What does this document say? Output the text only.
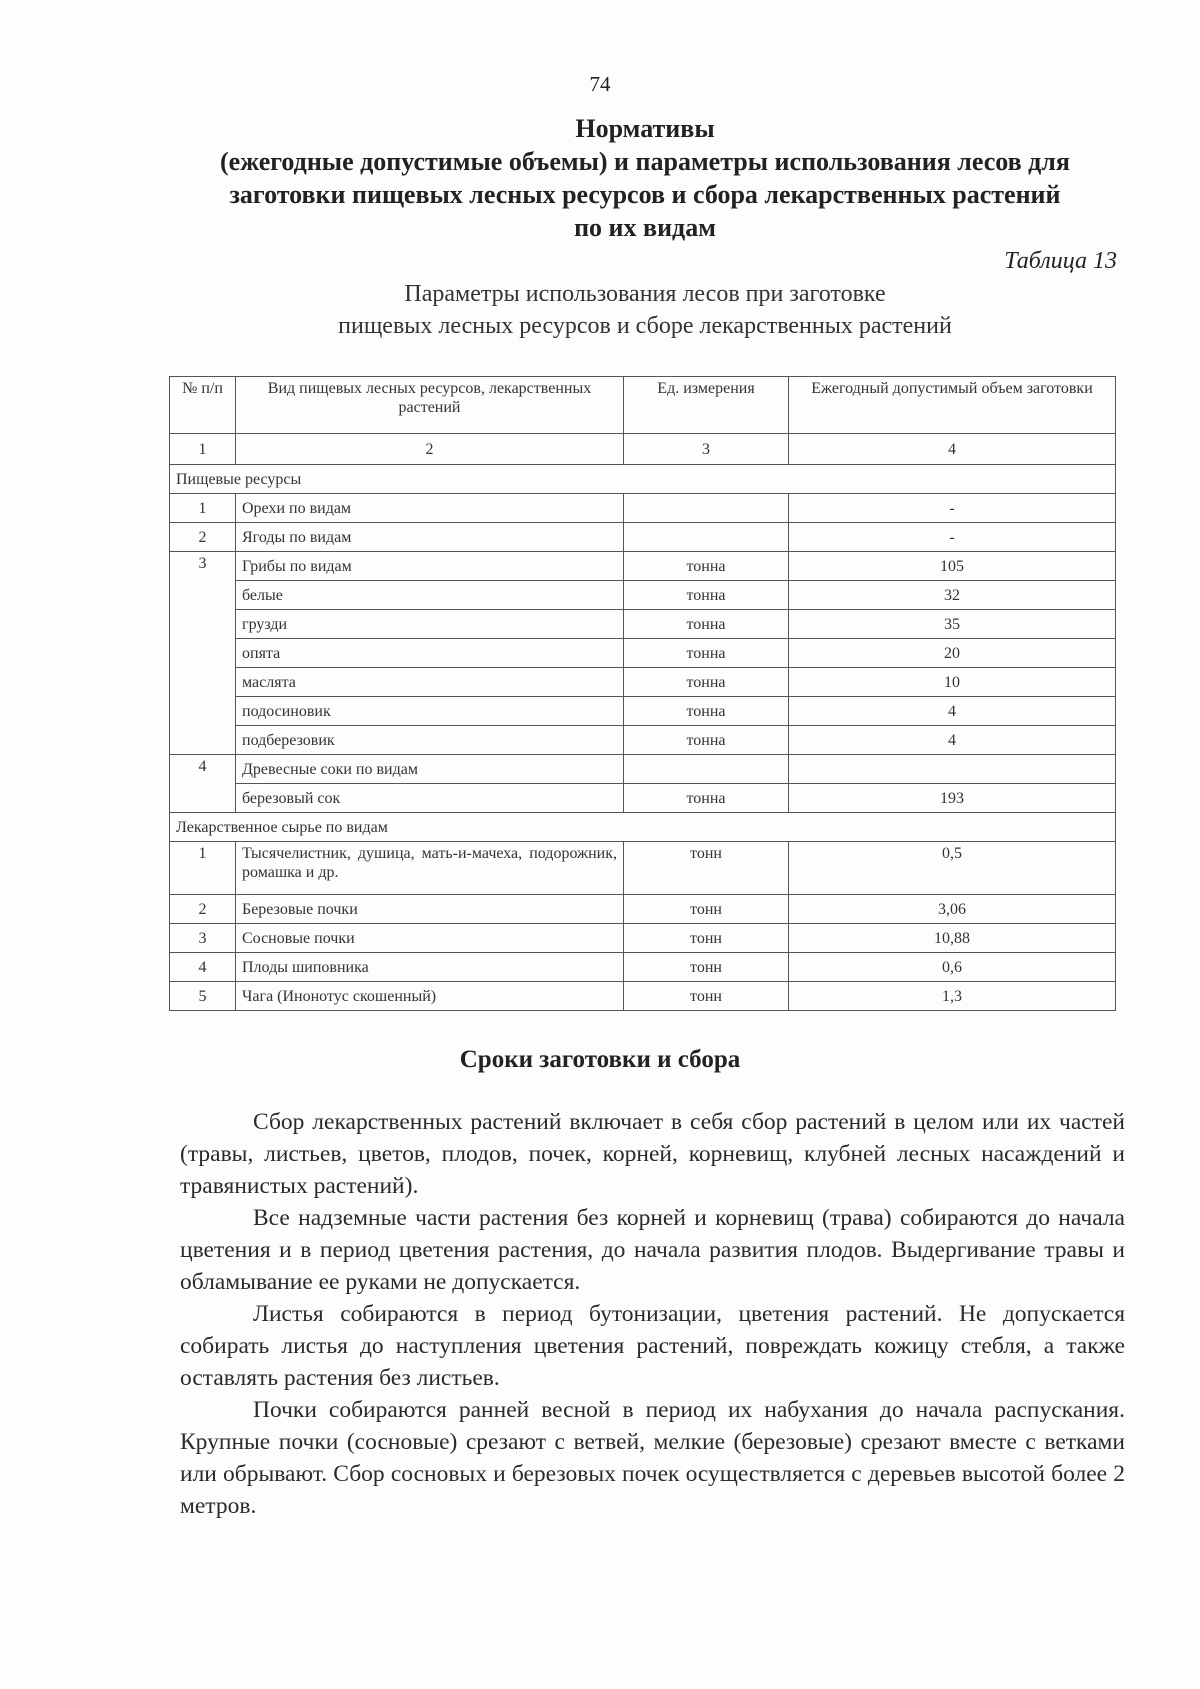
74
Нормативы
(ежегодные допустимые объемы) и параметры использования лесов для
заготовки пищевых лесных ресурсов и сбора лекарственных растений
по их видам
Таблица 13
Параметры использования лесов при заготовке
пищевых лесных ресурсов и сборе лекарственных растений
№ п/п	Вид пищевых лесных ресурсов, лекарственных растений	Ед. измерения	Ежегодный допустимый объем заготовки
1	2	3	4
Пищевые ресурсы			
1	Орехи по видам		-
2	Ягоды по видам		-
3	Грибы по видам	тонна	105
	белые	тонна	32
	грузди	тонна	35
	опята	тонна	20
	маслята	тонна	10
	подосиновик	тонна	4
	подберезовик	тонна	4
4	Древесные соки по видам		
	березовый сок	тонна	193
Лекарственное сырье по видам			
1	Тысячелистник, душица, мать-и-мачеха, подорожник, ромашка и др.	тонн	0,5
2	Березовые почки	тонн	3,06
3	Сосновые почки	тонн	10,88
4	Плоды шиповника	тонн	0,6
5	Чага (Инонотус скошенный)	тонн	1,3
Сроки заготовки и сбора

Сбор лекарственных растений включает в себя сбор растений в целом или их частей (травы, листьев, цветов, плодов, почек, корней, корневищ, клубней лесных насаждений и травянистых растений).

Все надземные части растения без корней и корневищ (трава) собираются до начала цветения и в период цветения растения, до начала развития плодов. Выдергивание травы и обламывание ее руками не допускается.

Листья собираются в период бутонизации, цветения растений. Не допускается собирать листья до наступления цветения растений, повреждать кожицу стебля, а также оставлять растения без листьев.

Почки собираются ранней весной в период их набухания до начала распускания. Крупные почки (сосновые) срезают с ветвей, мелкие (березовые) срезают вместе с ветками или обрывают. Сбор сосновых и березовых почек осуществляется с деревьев высотой более 2 метров.
